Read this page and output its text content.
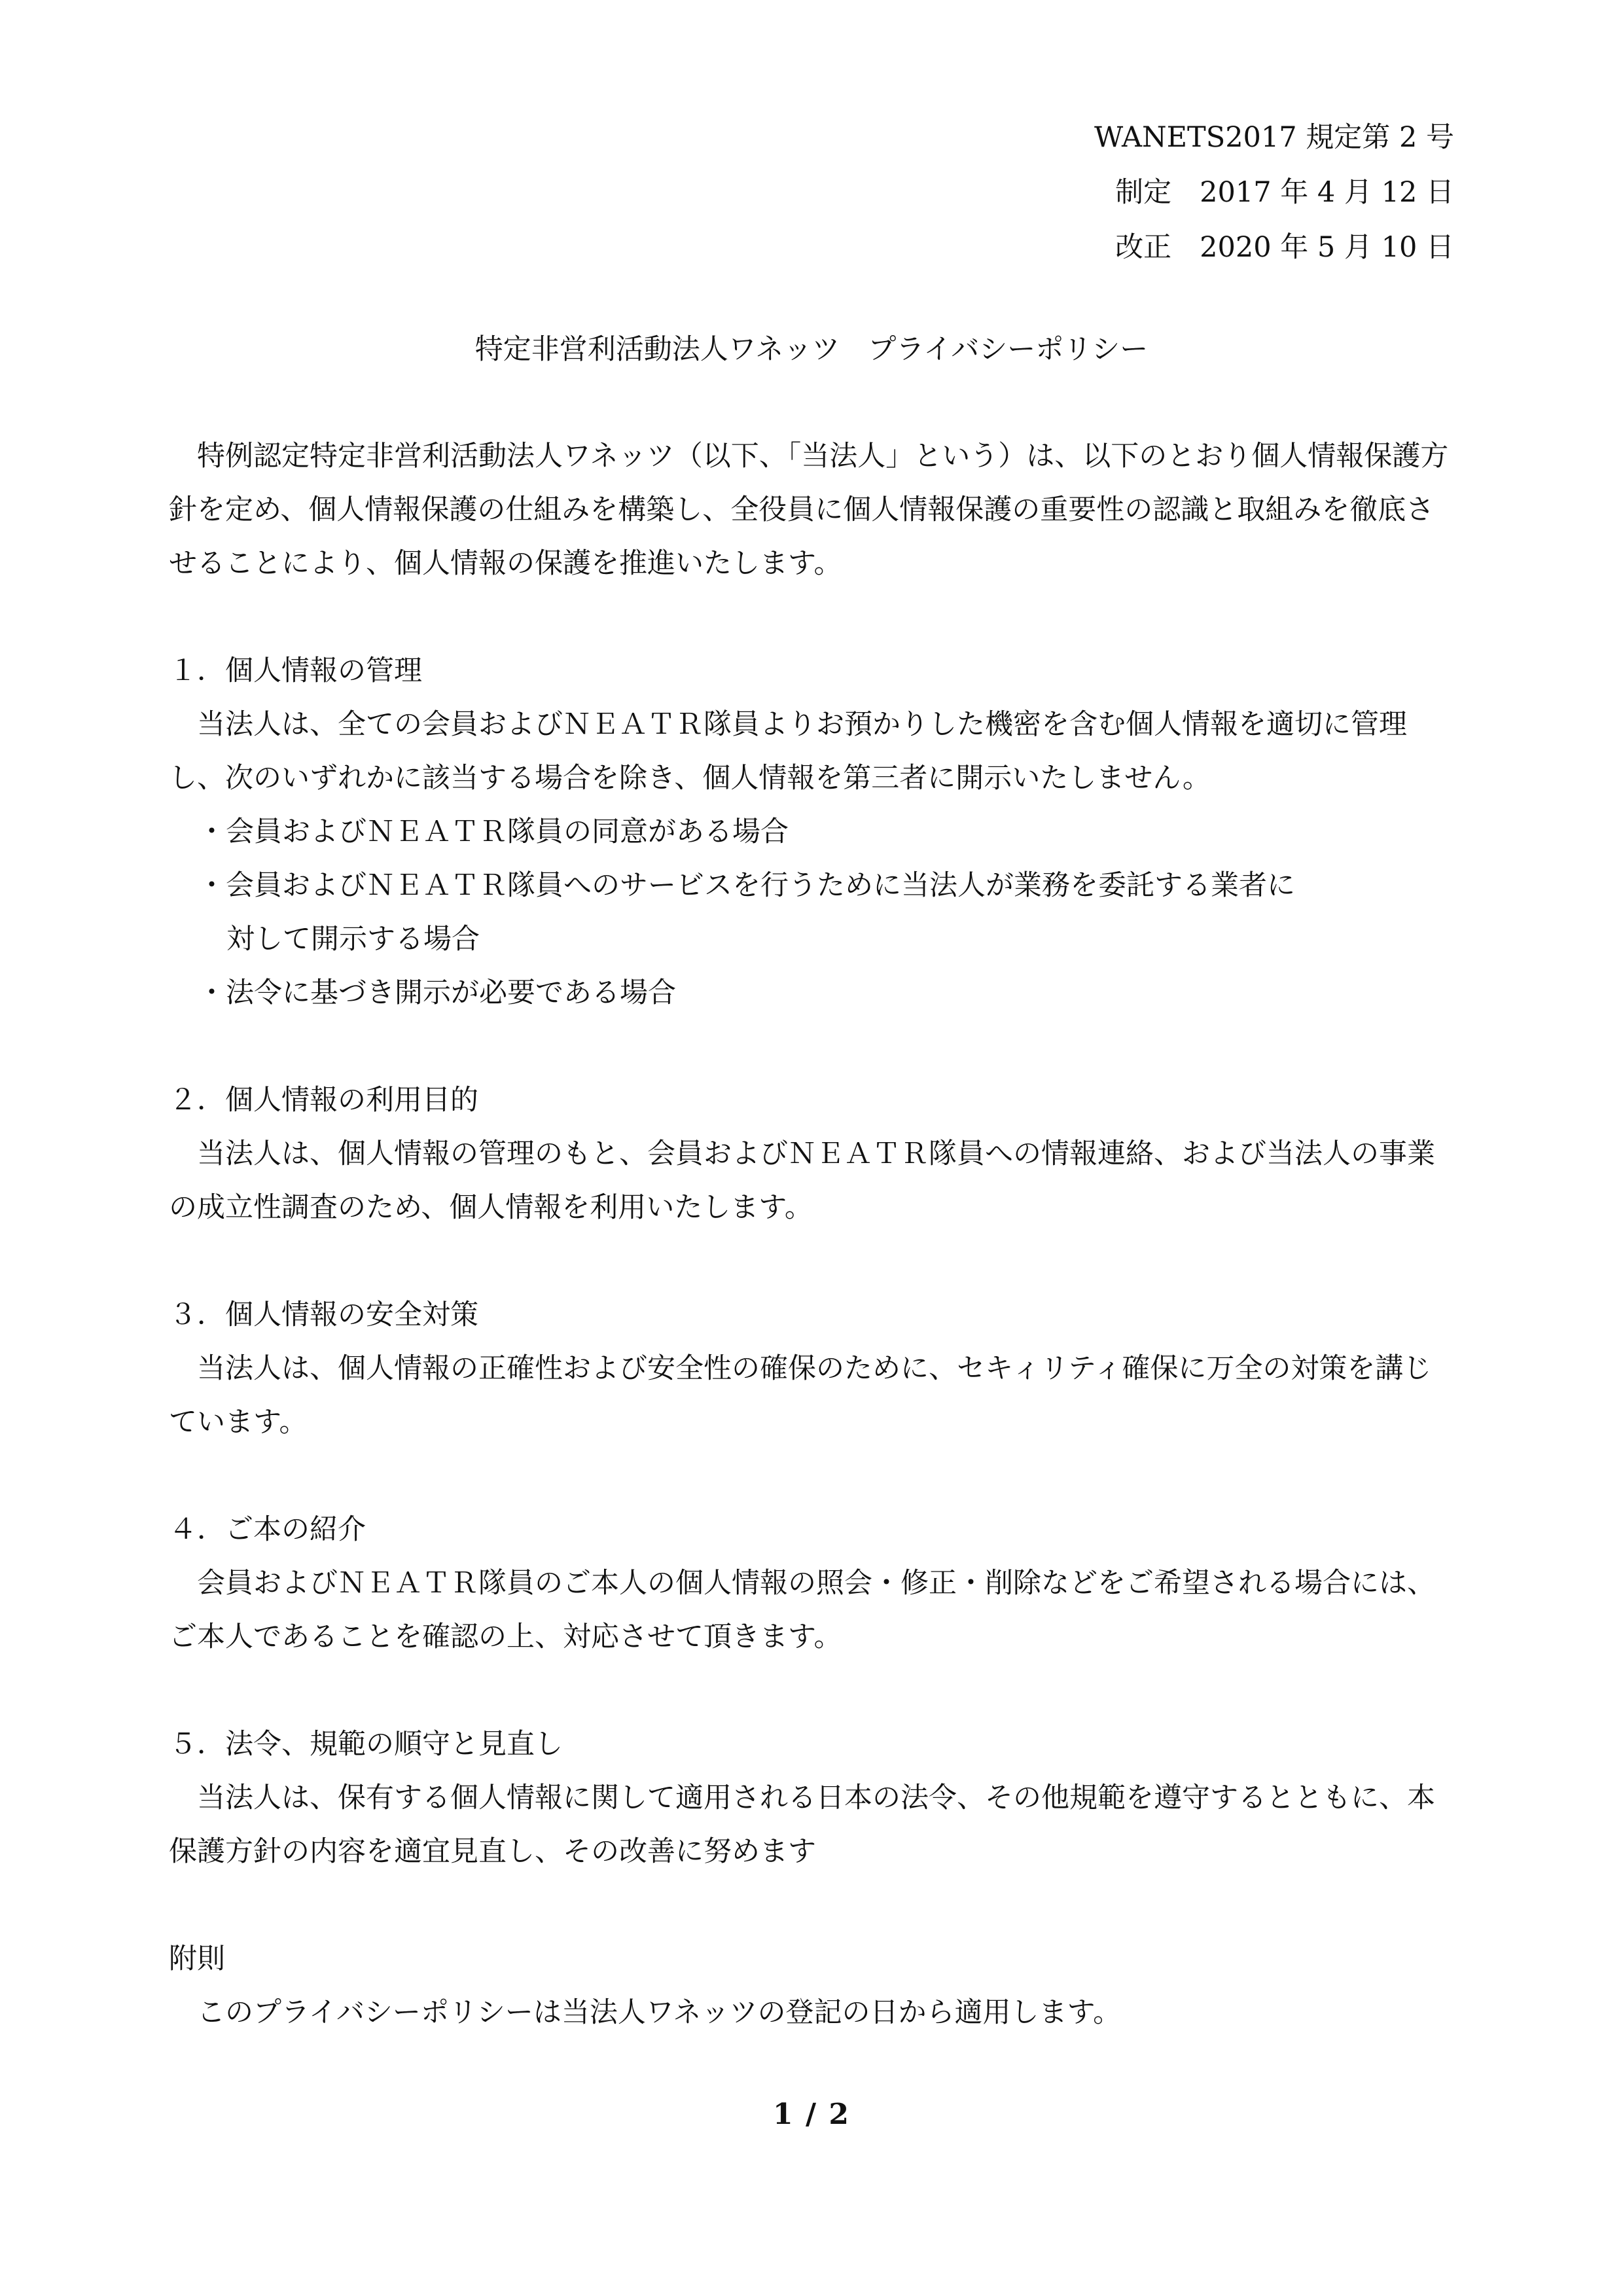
WANETS2017 規定第 2 号
制定　2017 年 4 月 12 日
改正　2020 年 5 月 10 日
特定非営利活動法人ワネッツ　プライバシーポリシー

特例認定特定非営利活動法人ワネッツ（以下、「当法人」という）は、以下のとおり個人情報保護方針を定め、個人情報保護の仕組みを構築し、全役員に個人情報保護の重要性の認識と取組みを徹底させることにより、個人情報の保護を推進いたします。

１．個人情報の管理

当法人は、全ての会員およびＮＥＡＴＲ隊員よりお預かりした機密を含む個人情報を適切に管理し、次のいずれかに該当する場合を除き、個人情報を第三者に開示いたしません。

・会員およびＮＥＡＴＲ隊員の同意がある場合

・会員およびＮＥＡＴＲ隊員へのサービスを行うために当法人が業務を委託する業者に

対して開示する場合

・法令に基づき開示が必要である場合

２．個人情報の利用目的

当法人は、個人情報の管理のもと、会員およびＮＥＡＴＲ隊員への情報連絡、および当法人の事業の成立性調査のため、個人情報を利用いたします。

３．個人情報の安全対策

当法人は、個人情報の正確性および安全性の確保のために、セキィリティ確保に万全の対策を講じています。

４．ご本の紹介

会員およびＮＥＡＴＲ隊員のご本人の個人情報の照会・修正・削除などをご希望される場合には、ご本人であることを確認の上、対応させて頂きます。

５．法令、規範の順守と見直し

当法人は、保有する個人情報に関して適用される日本の法令、その他規範を遵守するとともに、本保護方針の内容を適宜見直し、その改善に努めます

附則

このプライバシーポリシーは当法人ワネッツの登記の日から適用します。

1 / 2
